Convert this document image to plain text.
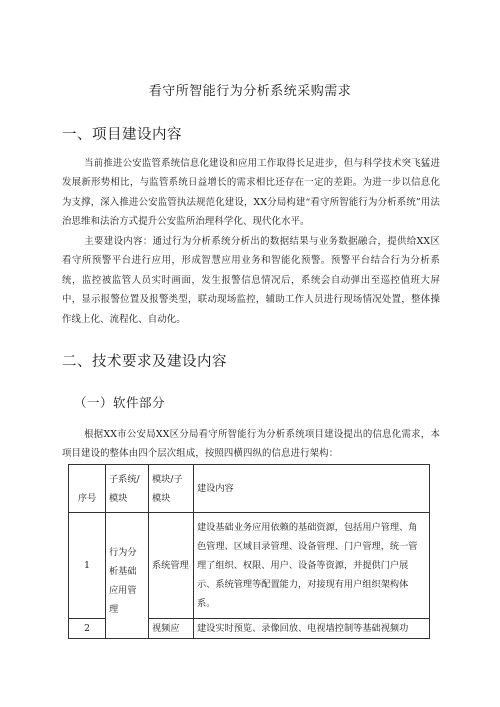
看守所智能行为分析系统采购需求
一、项目建设内容
当前推进公安监管系统信息化建设和应用工作取得长足进步，但与科学技术突飞猛进发展新形势相比，与监管系统日益增长的需求相比还存在一定的差距。为进一步以信息化为支撑，深入推进公安监管执法规范化建设，XX分局构建“看守所智能行为分析系统”用法治思维和法治方式提升公安监所治理科学化、现代化水平。
主要建设内容：通过行为分析系统分析出的数据结果与业务数据融合，提供给XX区看守所预警平台进行应用，形成智慧应用业务和智能化预警。预警平台结合行为分析系统，监控被监管人员实时画面，发生报警信息情况后，系统会自动弹出至巡控值班大屏中，显示报警位置及报警类型，联动现场监控，辅助工作人员进行现场情况处置，整体操作线上化、流程化、自动化。
二、技术要求及建设内容
（一）软件部分
根据XX市公安局XX区分局看守所智能行为分析系统项目建设提出的信息化需求，本项目建设的整体由四个层次组成，按照四横四纵的信息进行架构：
序号	子系统/模块	模块/子模块	建设内容
1	行为分析基础应用管理	系统管理	建设基础业务应用依赖的基础资源，包括用户管理、角色管理、区域目录管理、设备管理、门户管理，统一管理了组织、权限、用户、设备等资源，并提供门户展示、系统管理等配置能力，对接现有用户组织架构体系。
2		视频应	建设实时预览、录像回放、电视墙控制等基础视频功
